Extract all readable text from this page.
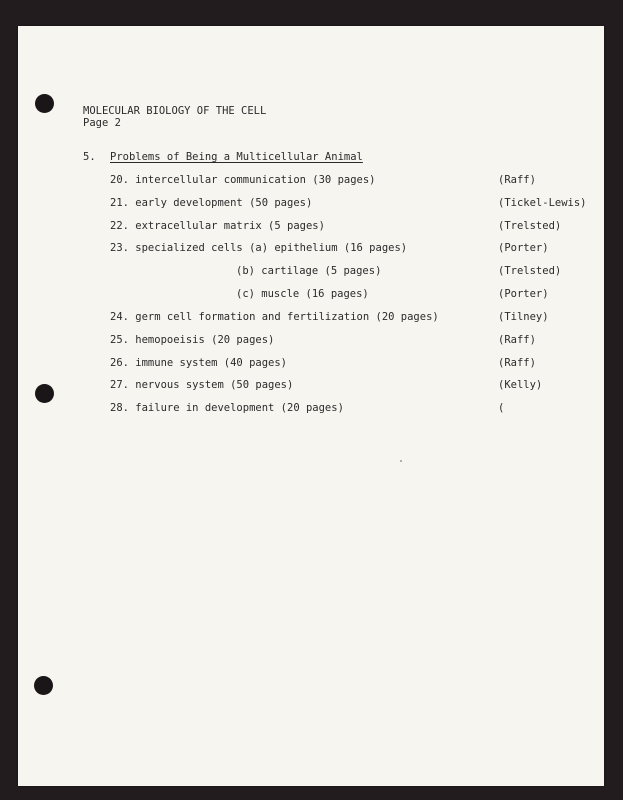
MOLECULAR BIOLOGY OF THE CELL
Page 2
5. Problems of Being a Multicellular Animal
20. intercellular communication (30 pages)	(Raff)
21. early development (50 pages)	(Tickel-Lewis)
22. extracellular matrix (5 pages)	(Trelsted)
23. specialized cells (a) epithelium (16 pages)	(Porter)
(b) cartilage (5 pages)	(Trelsted)
(c) muscle (16 pages)	(Porter)
24. germ cell formation and fertilization (20 pages)	(Tilney)
25. hemopoeisis (20 pages)	(Raff)
26. immune system (40 pages)	(Raff)
27. nervous system (50 pages)	(Kelly)
28. failure in development (20 pages)	(
